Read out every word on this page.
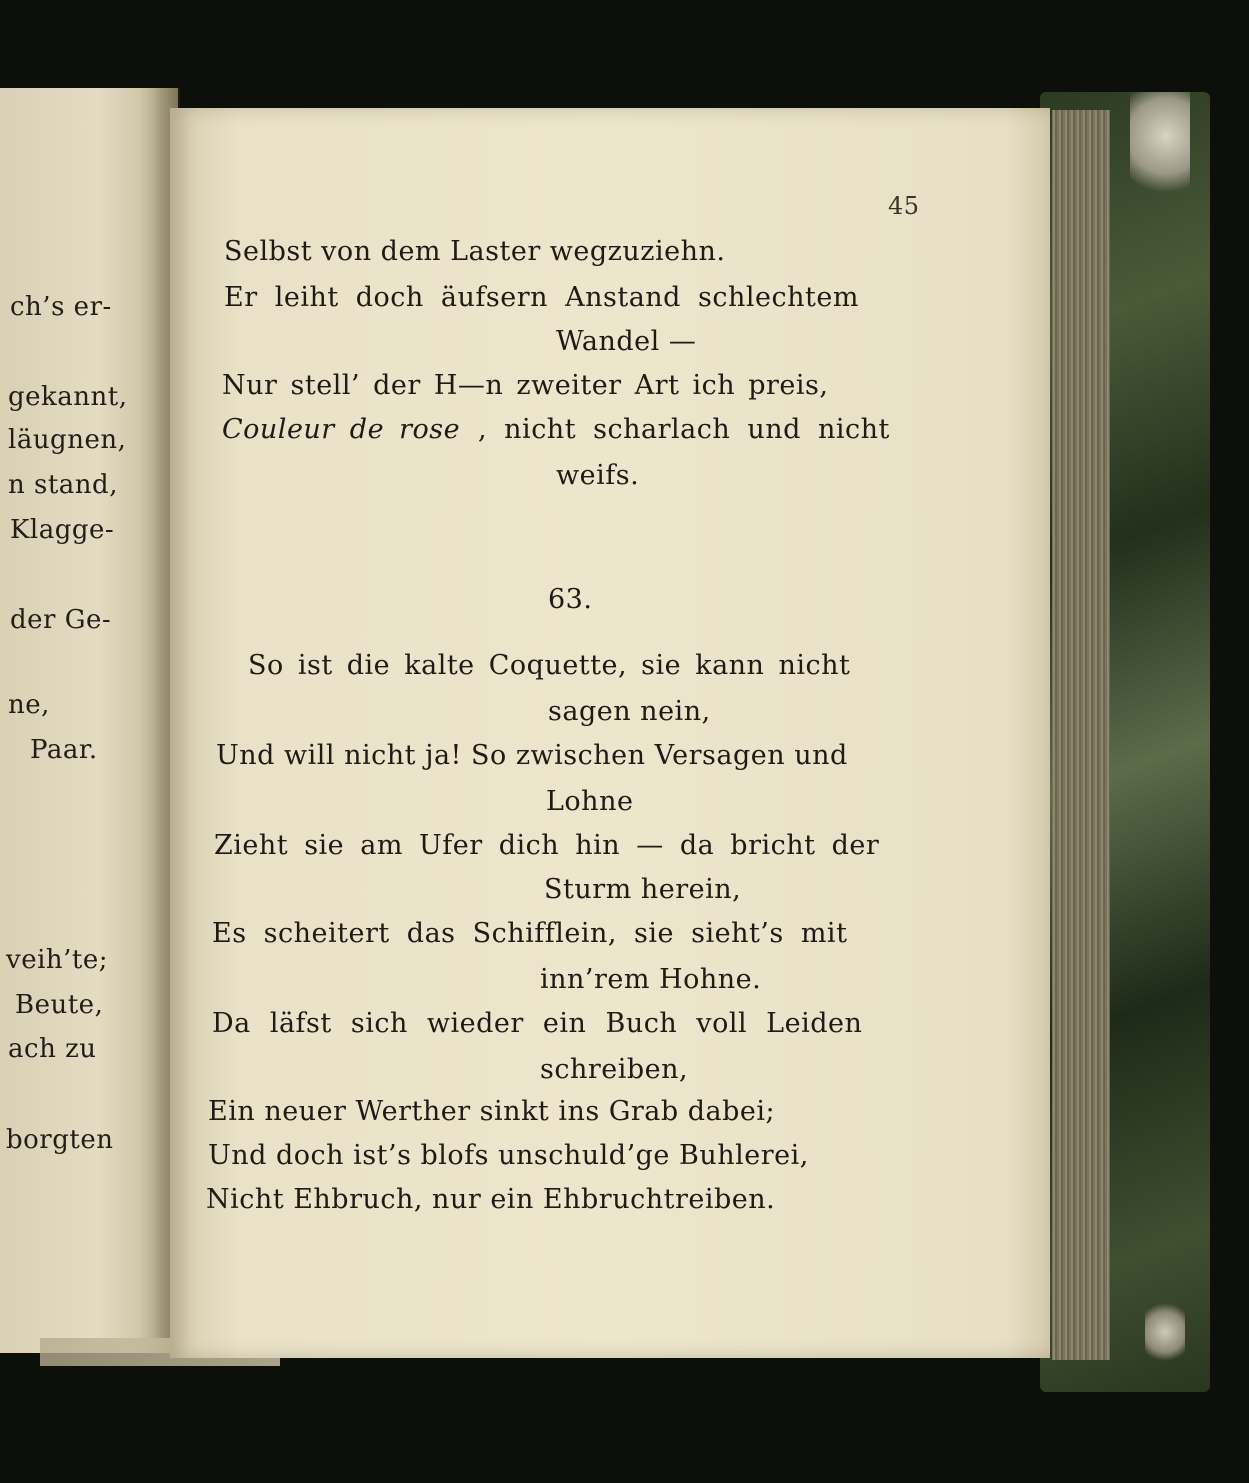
ch’s er-
gekannt,
läugnen,
n stand,
Klagge-
der Ge-
ne,
Paar.
veih’te;
Beute,
ach zu
borgten
45
Selbst von dem Laster wegzuziehn.
Er leiht doch äufsern Anstand schlechtem
Wandel —
Nur stell’ der H—n zweiter Art ich preis,
Couleur de rose , nicht scharlach und nicht
weifs.
63.
So ist die kalte Coquette, sie kann nicht
sagen nein,
Und will nicht ja! So zwischen Versagen und
Lohne
Zieht sie am Ufer dich hin — da bricht der
Sturm herein,
Es scheitert das Schifflein, sie sieht’s mit
inn’rem Hohne.
Da läfst sich wieder ein Buch voll Leiden
schreiben,
Ein neuer Werther sinkt ins Grab dabei;
Und doch ist’s blofs unschuld’ge Buhlerei,
Nicht Ehbruch, nur ein Ehbruchtreiben.
